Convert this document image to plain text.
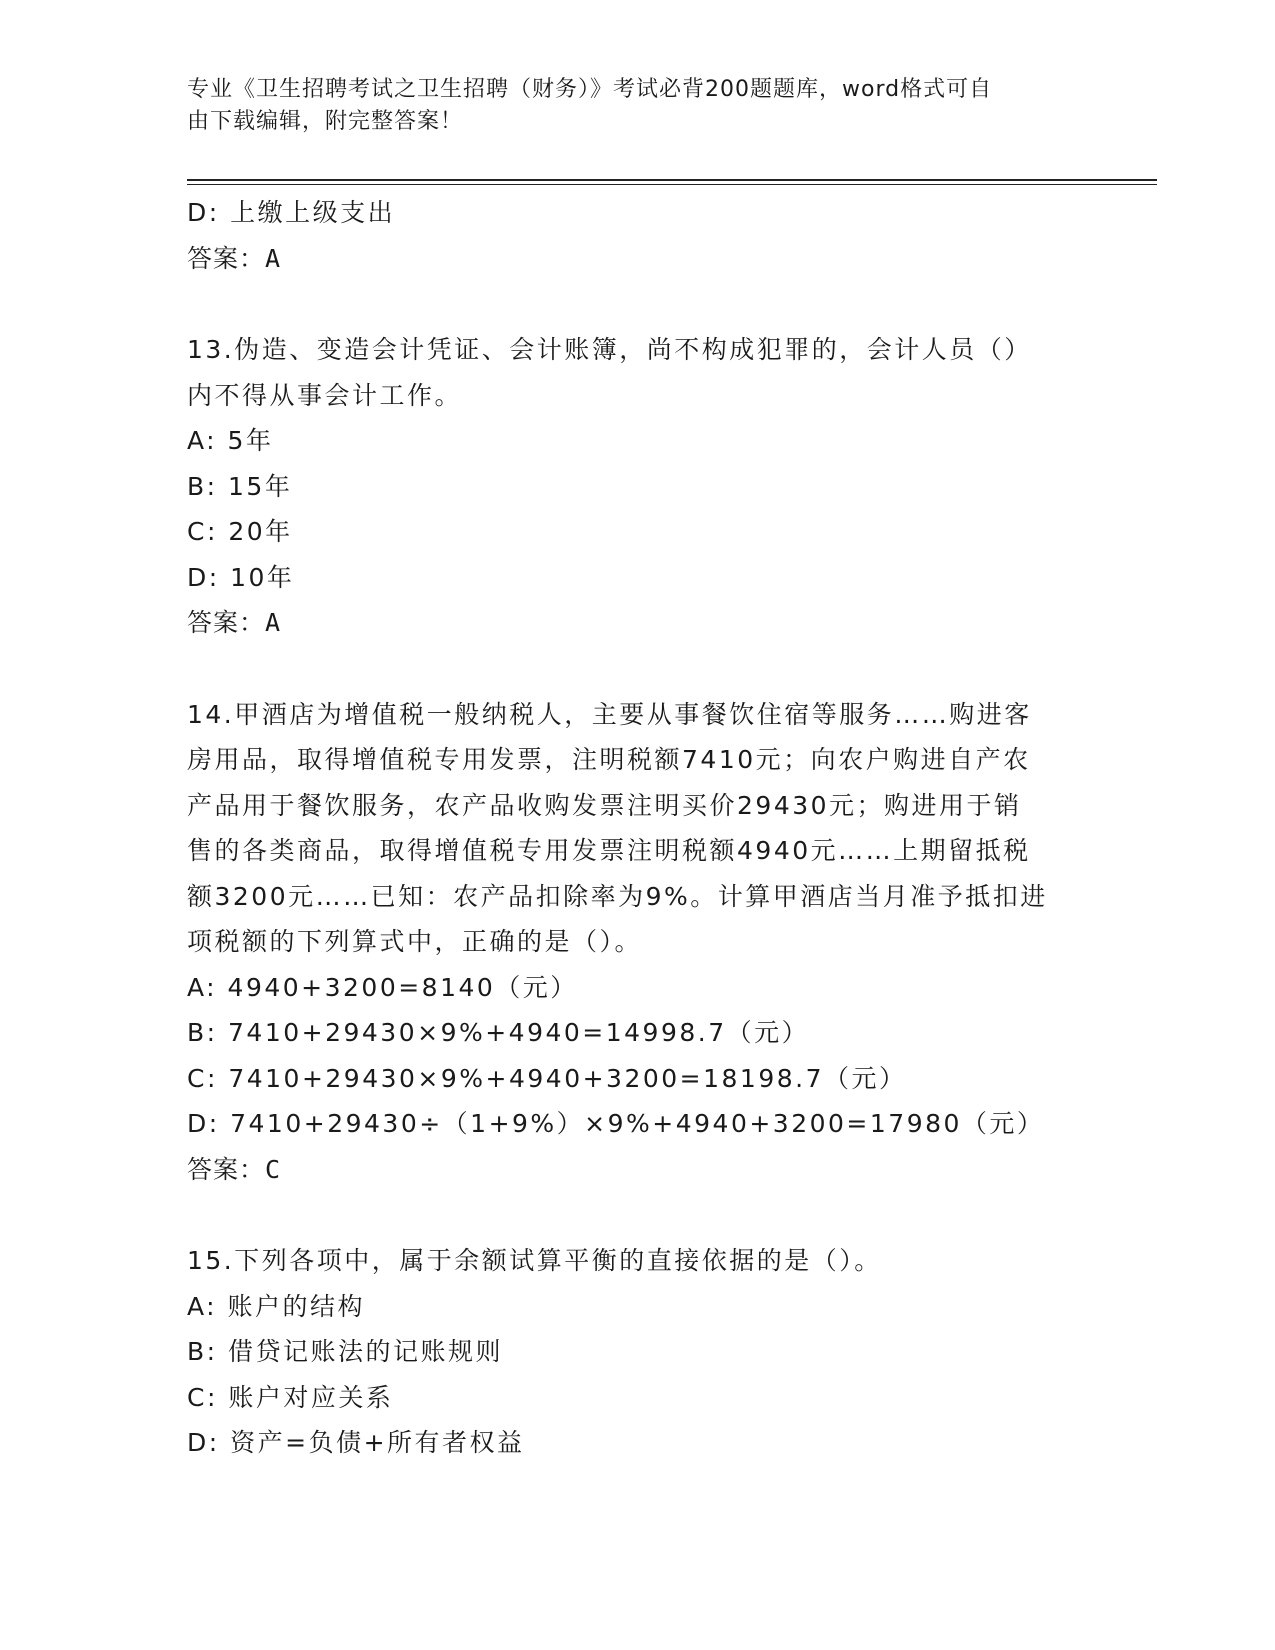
专业《卫生招聘考试之卫生招聘（财务）》考试必背200题题库，word格式可自
由下载编辑，附完整答案！
D: 上缴上级支出
答案：A
13.伪造、变造会计凭证、会计账簿，尚不构成犯罪的，会计人员（）
内不得从事会计工作。
A: 5年
B: 15年
C: 20年
D: 10年
答案：A
14.甲酒店为增值税一般纳税人，主要从事餐饮住宿等服务……购进客
房用品，取得增值税专用发票，注明税额7410元；向农户购进自产农
产品用于餐饮服务，农产品收购发票注明买价29430元；购进用于销
售的各类商品，取得增值税专用发票注明税额4940元……上期留抵税
额3200元……已知：农产品扣除率为9%。计算甲酒店当月准予抵扣进
项税额的下列算式中，正确的是（）。
A: 4940+3200=8140（元）
B: 7410+29430×9%+4940=14998.7（元）
C: 7410+29430×9%+4940+3200=18198.7（元）
D: 7410+29430÷（1+9%）×9%+4940+3200=17980（元）
答案：C
15.下列各项中，属于余额试算平衡的直接依据的是（）。
A: 账户的结构
B: 借贷记账法的记账规则
C: 账户对应关系
D: 资产=负债+所有者权益
